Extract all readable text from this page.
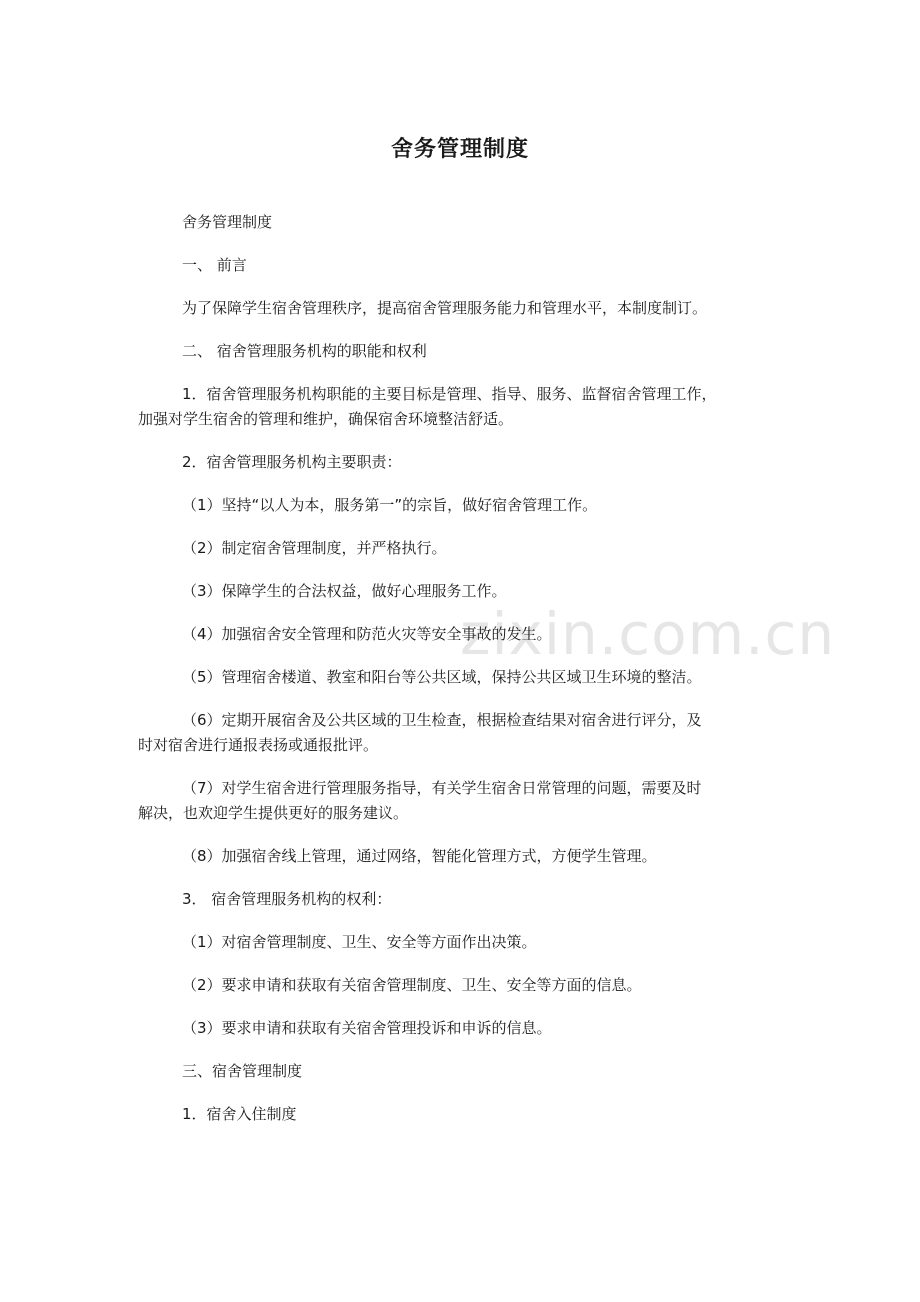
舍务管理制度
zixin.com.cn

舍务管理制度

一、 前言

为了保障学生宿舍管理秩序，提高宿舍管理服务能力和管理水平，本制度制订。

二、 宿舍管理服务机构的职能和权利

1．宿舍管理服务机构职能的主要目标是管理、指导、服务、监督宿舍管理工作，
加强对学生宿舍的管理和维护，确保宿舍环境整洁舒适。

2．宿舍管理服务机构主要职责：

（1）坚持“以人为本，服务第一”的宗旨，做好宿舍管理工作。

（2）制定宿舍管理制度，并严格执行。

（3）保障学生的合法权益，做好心理服务工作。

（4）加强宿舍安全管理和防范火灾等安全事故的发生。

（5）管理宿舍楼道、教室和阳台等公共区域，保持公共区域卫生环境的整洁。

（6）定期开展宿舍及公共区域的卫生检查，根据检查结果对宿舍进行评分，及
时对宿舍进行通报表扬或通报批评。

（7）对学生宿舍进行管理服务指导，有关学生宿舍日常管理的问题，需要及时
解决，也欢迎学生提供更好的服务建议。

（8）加强宿舍线上管理，通过网络，智能化管理方式，方便学生管理。

3． 宿舍管理服务机构的权利：

（1）对宿舍管理制度、卫生、安全等方面作出决策。

（2）要求申请和获取有关宿舍管理制度、卫生、安全等方面的信息。

（3）要求申请和获取有关宿舍管理投诉和申诉的信息。

三、宿舍管理制度

1．宿舍入住制度
